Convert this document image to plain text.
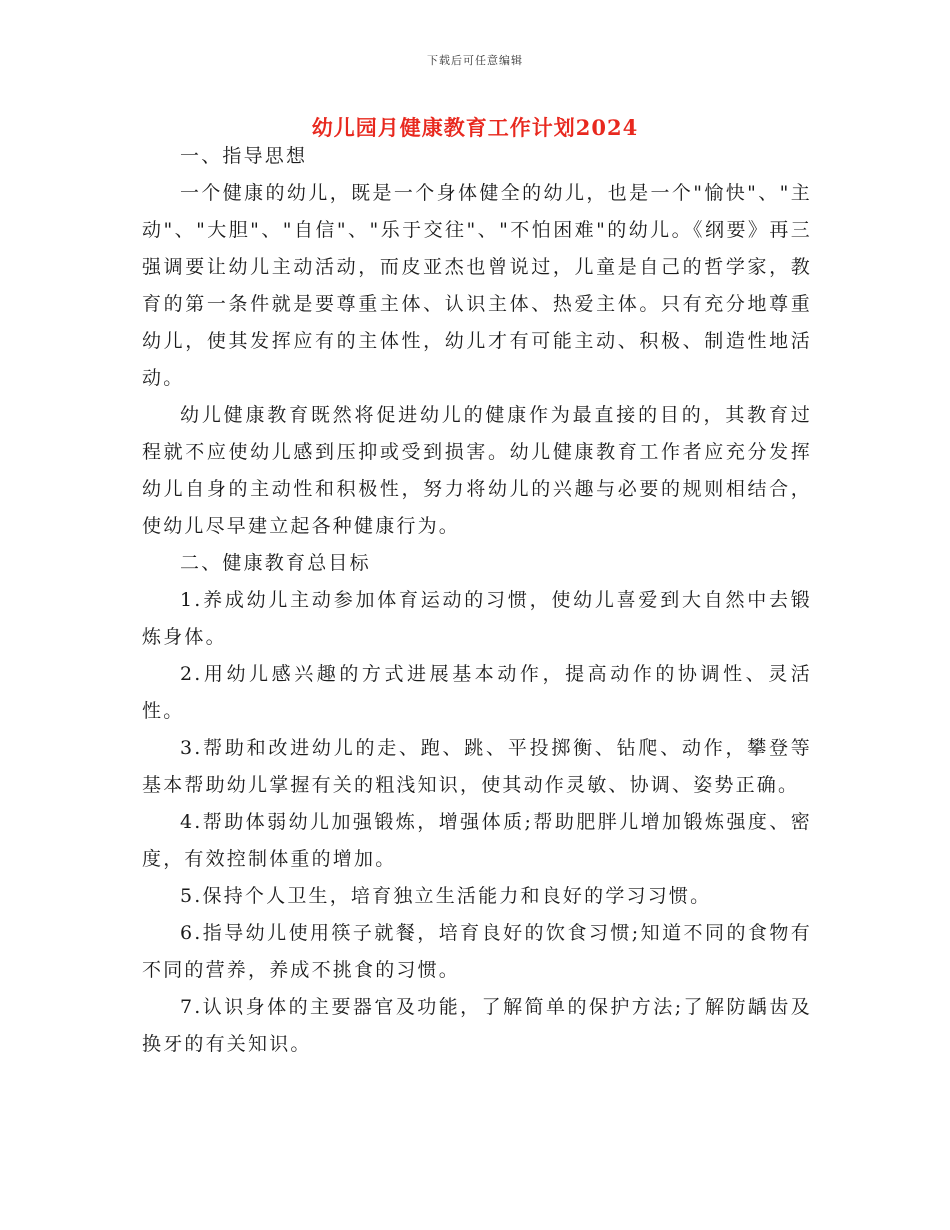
下载后可任意编辑
幼儿园月健康教育工作计划2024

一、指导思想

一个健康的幼儿，既是一个身体健全的幼儿，也是一个"愉快"、"主动"、"大胆"、"自信"、"乐于交往"、"不怕困难"的幼儿。《纲要》再三强调要让幼儿主动活动，而皮亚杰也曾说过，儿童是自己的哲学家，教育的第一条件就是要尊重主体、认识主体、热爱主体。只有充分地尊重幼儿，使其发挥应有的主体性，幼儿才有可能主动、积极、制造性地活动。

幼儿健康教育既然将促进幼儿的健康作为最直接的目的，其教育过程就不应使幼儿感到压抑或受到损害。幼儿健康教育工作者应充分发挥幼儿自身的主动性和积极性，努力将幼儿的兴趣与必要的规则相结合，使幼儿尽早建立起各种健康行为。

二、健康教育总目标

1.养成幼儿主动参加体育运动的习惯，使幼儿喜爱到大自然中去锻炼身体。

2.用幼儿感兴趣的方式进展基本动作，提高动作的协调性、灵活性。

3.帮助和改进幼儿的走、跑、跳、平投掷衡、钻爬、动作，攀登等基本帮助幼儿掌握有关的粗浅知识，使其动作灵敏、协调、姿势正确。

4.帮助体弱幼儿加强锻炼，增强体质;帮助肥胖儿增加锻炼强度、密度，有效控制体重的增加。

5.保持个人卫生，培育独立生活能力和良好的学习习惯。

6.指导幼儿使用筷子就餐，培育良好的饮食习惯;知道不同的食物有不同的营养，养成不挑食的习惯。

7.认识身体的主要器官及功能，了解简单的保护方法;了解防龋齿及换牙的有关知识。
